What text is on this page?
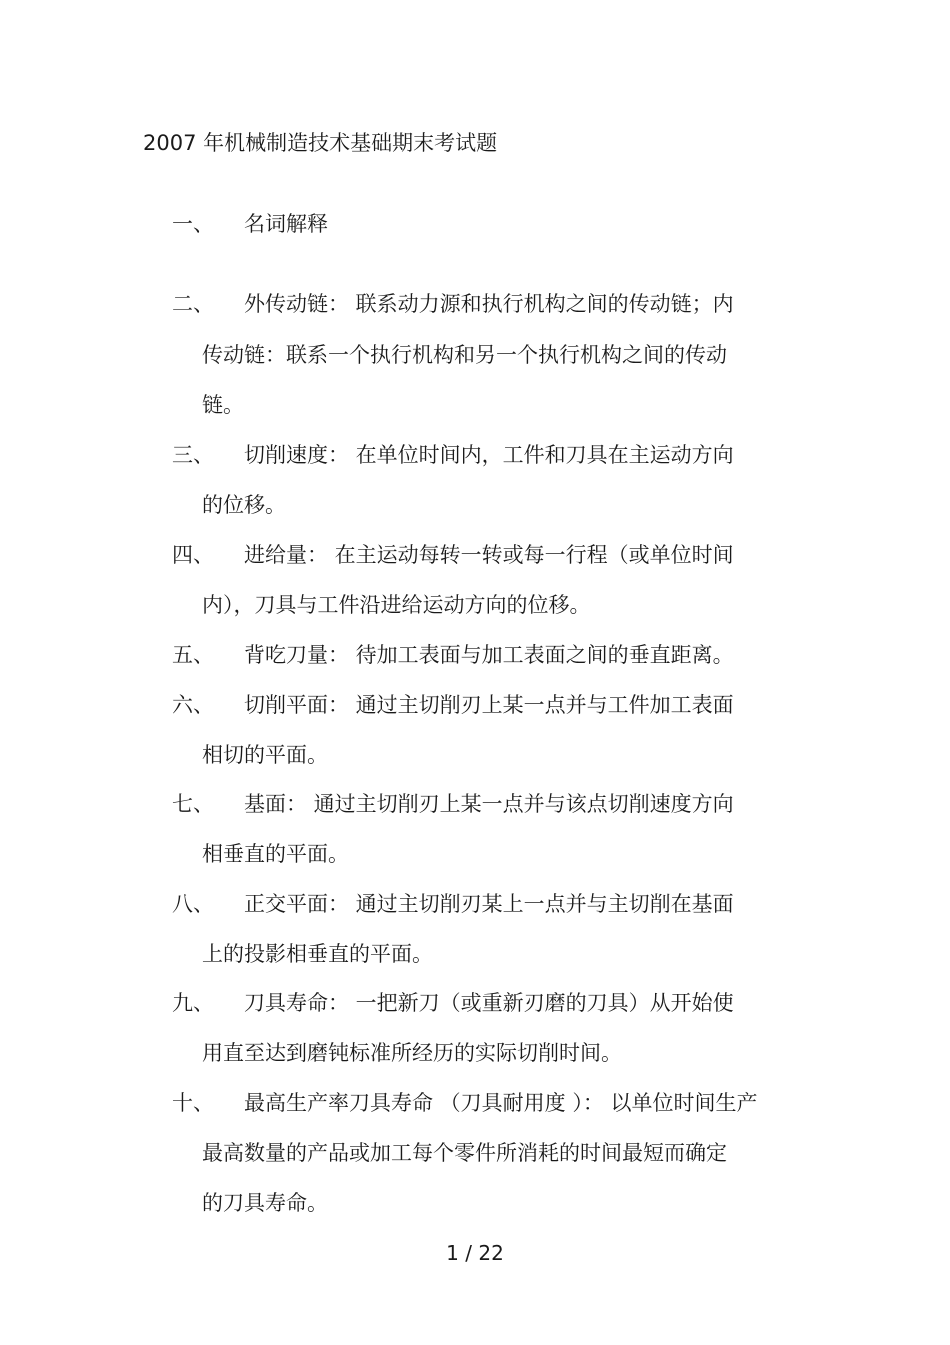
2007 年机械制造技术基础期末考试题
一、 名词解释
二、 外传动链： 联系动力源和执行机构之间的传动链；内
传动链：联系一个执行机构和另一个执行机构之间的传动
链。
三、 切削速度： 在单位时间内，工件和刀具在主运动方向
的位移。
四、 进给量： 在主运动每转一转或每一行程（或单位时间
内），刀具与工件沿进给运动方向的位移。
五、 背吃刀量： 待加工表面与加工表面之间的垂直距离。
六、 切削平面： 通过主切削刃上某一点并与工件加工表面
相切的平面。
七、 基面： 通过主切削刃上某一点并与该点切削速度方向
相垂直的平面。
八、 正交平面： 通过主切削刃某上一点并与主切削在基面
上的投影相垂直的平面。
九、 刀具寿命： 一把新刀（或重新刃磨的刀具）从开始使
用直至达到磨钝标准所经历的实际切削时间。
十、 最高生产率刀具寿命 （刀具耐用度 ）： 以单位时间生产
最高数量的产品或加工每个零件所消耗的时间最短而确定
的刀具寿命。
1 / 22
